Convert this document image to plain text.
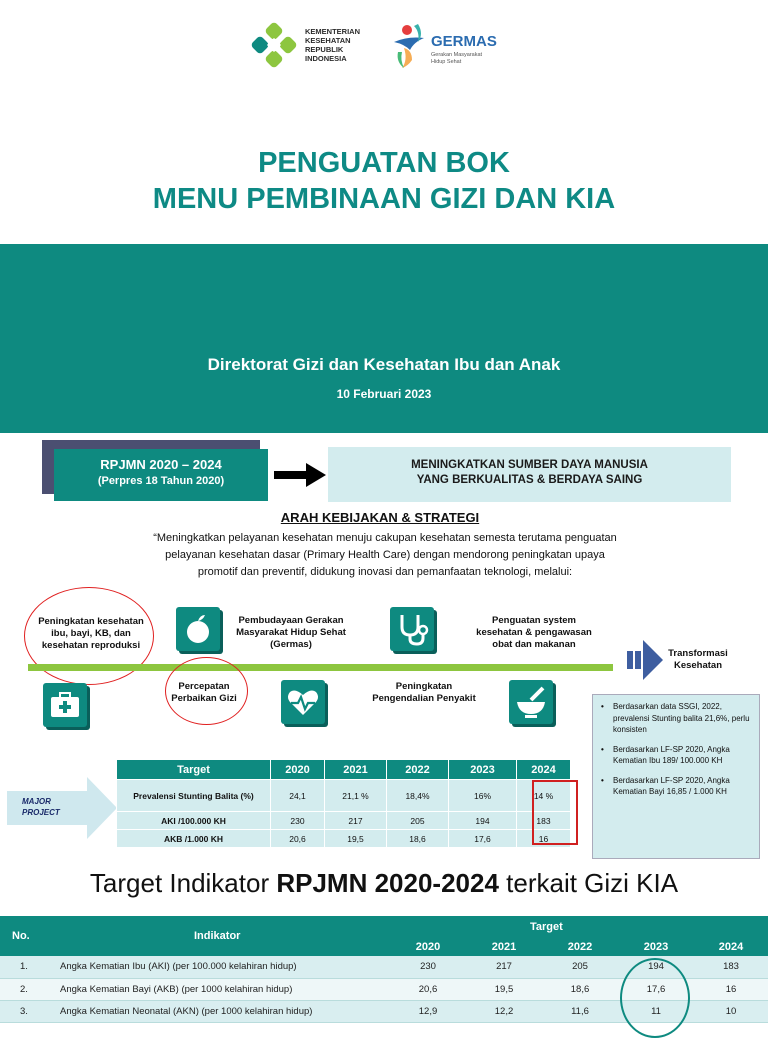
KEMENTERIAN
KESEHATAN
REPUBLIK
INDONESIA
GERMAS
Gerakan Masyarakat
Hidup Sehat
PENGUATAN BOK
MENU PEMBINAAN GIZI DAN KIA
Direktorat Gizi dan Kesehatan Ibu dan Anak
10 Februari 2023
RPJMN 2020 – 2024
(Perpres 18 Tahun 2020)
MENINGKATKAN SUMBER DAYA MANUSIA
YANG BERKUALITAS & BERDAYA SAING
ARAH KEBIJAKAN & STRATEGI
“Meningkatkan pelayanan kesehatan menuju cakupan kesehatan semesta terutama penguatan pelayanan kesehatan dasar (Primary Health Care) dengan mendorong peningkatan upaya promotif dan preventif, didukung inovasi dan pemanfaatan teknologi, melalui:
Peningkatan kesehatan ibu, bayi, KB, dan kesehatan reproduksi
Pembudayaan Gerakan Masyarakat Hidup Sehat (Germas)
Penguatan system kesehatan & pengawasan obat dan makanan
Transformasi Kesehatan
Percepatan Perbaikan Gizi
Peningkatan Pengendalian Penyakit
MAJOR PROJECT
Target	2020	2021	2022	2023	2024
Prevalensi Stunting Balita (%)	24,1	21,1 %	18,4%	16%	14 %
AKI /100.000 KH	230	217	205	194	183
AKB /1.000 KH	20,6	19,5	18,6	17,6	16
•	Berdasarkan data SSGI, 2022, prevalensi Stunting balita 21,6%, perlu konsisten
•	Berdasarkan LF-SP 2020, Angka Kematian Ibu 189/ 100.000 KH
•	Berdasarkan LF-SP 2020, Angka Kematian Bayi 16,85 / 1.000 KH
Target Indikator RPJMN 2020-2024 terkait Gizi KIA
No.	Indikator	Target				
		2020	2021	2022	2023	2024
1.	Angka Kematian Ibu (AKI) (per 100.000 kelahiran hidup)	230	217	205	194	183
2.	Angka Kematian Bayi (AKB) (per 1000 kelahiran hidup)	20,6	19,5	18,6	17,6	16
3.	Angka Kematian Neonatal (AKN) (per 1000 kelahiran hidup)	12,9	12,2	11,6	11	10
